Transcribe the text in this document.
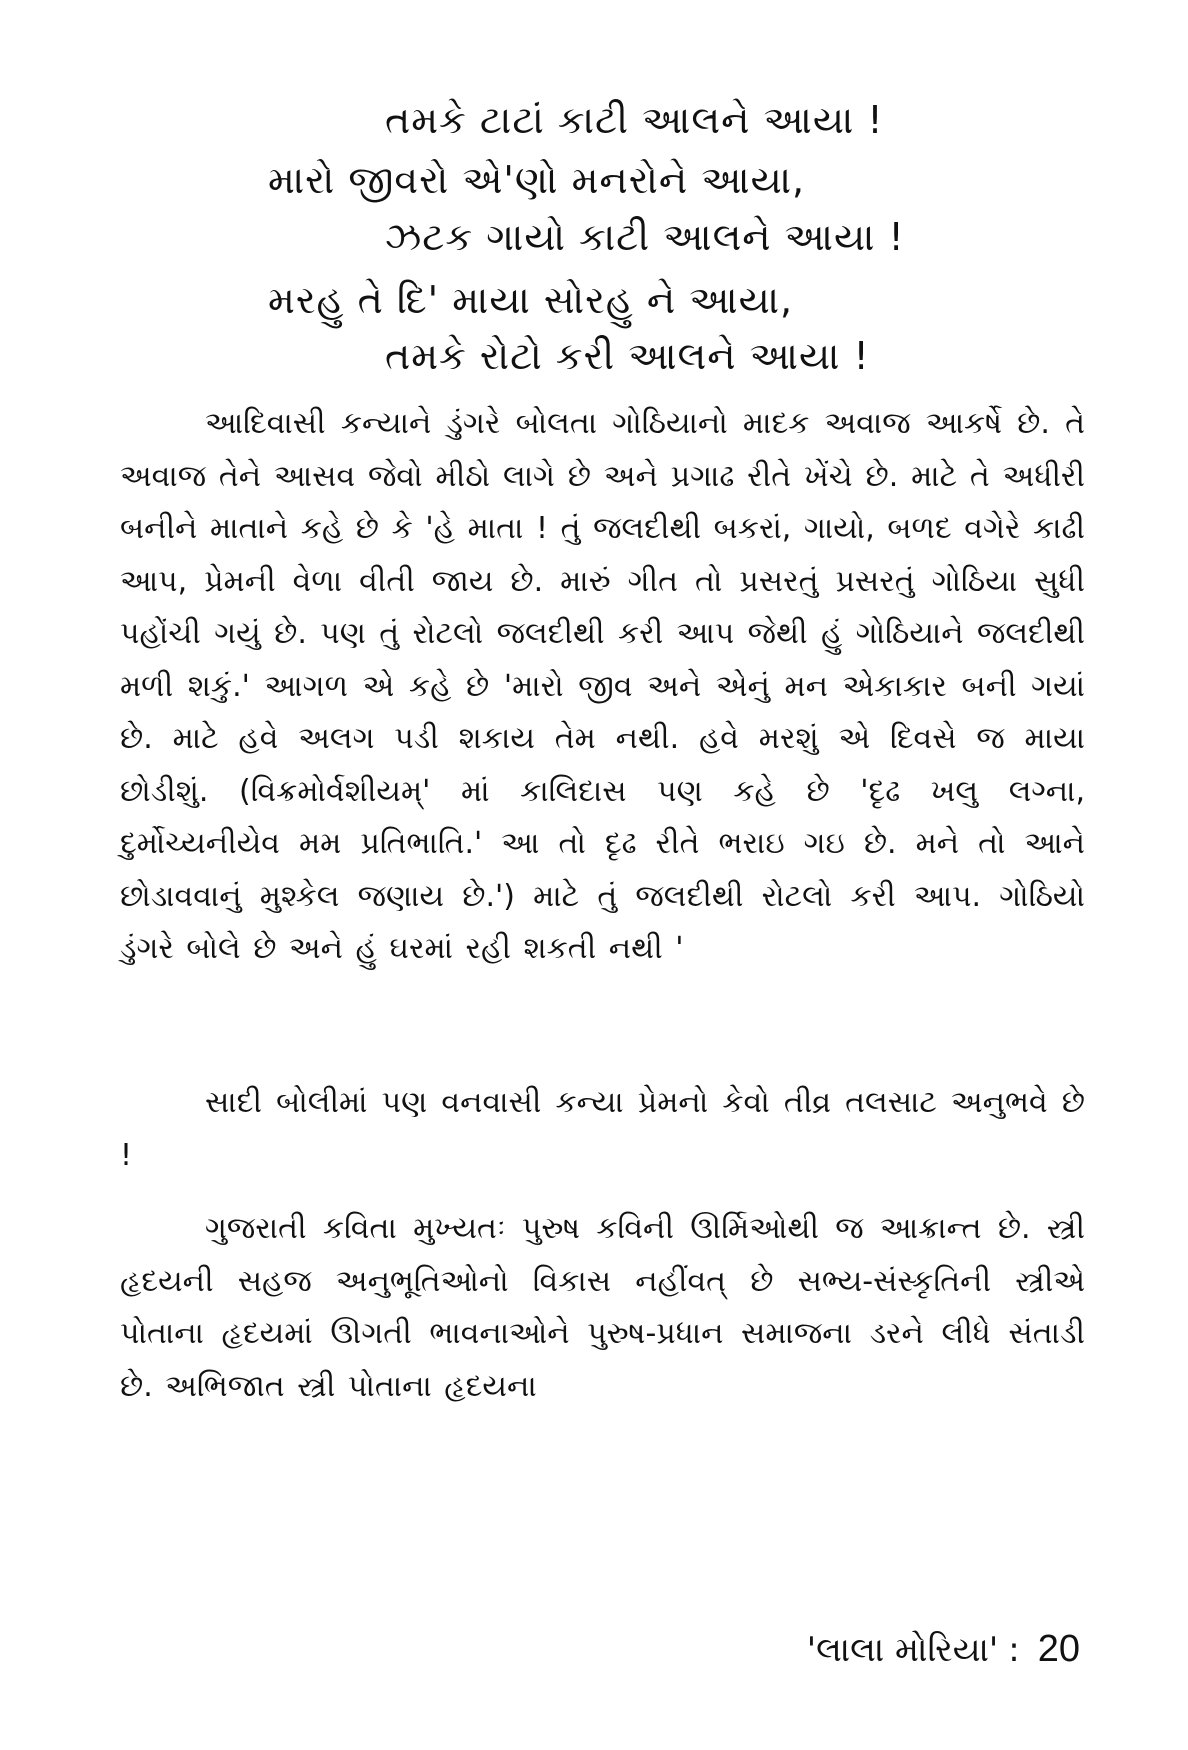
તમકે ટાટાં કાટી આલને આયા !
મારો જીવરો એ'ણો મનરોને આયા,
ઝટક ગાયો કાટી આલને આયા !
મરહુ તે દિ' માયા સોરહુ ને આયા,
તમકે રોટો કરી આલને આયા !

આદિવાસી કન્યાને ડુંગરે બોલતા ગોઠિયાનો માદક અવાજ આકર્ષે છે. તે અવાજ તેને આસવ જેવો મીઠો લાગે છે અને પ્રગાઢ રીતે ખેંચે છે. માટે તે અધીરી બનીને માતાને કહે છે કે 'હે માતા ! તું જલદીથી બકરાં, ગાયો, બળદ વગેરે કાઢી આપ, પ્રેમની વેળા વીતી જાય છે. મારું ગીત તો પ્રસરતું પ્રસરતું ગોઠિયા સુધી પહોંચી ગયું છે. પણ તું રોટલો જલદીથી કરી આપ જેથી હું ગોઠિયાને જલદીથી મળી શકું.' આગળ એ કહે છે 'મારો જીવ અને એનું મન એકાકાર બની ગયાં છે. માટે હવે અલગ પડી શકાય તેમ નથી. હવે મરશું એ દિવસે જ માયા છોડીશું. (વિક્રમોર્વશીયમ્' માં કાલિદાસ પણ કહે છે 'દૃઢ ખલુ લગ્ના, દુર્મોચ્યનીયેવ મમ પ્રતિભાતિ.' આ તો દૃઢ રીતે ભરાઇ ગઇ છે. મને તો આને છોડાવવાનું મુશ્કેલ જણાય છે.') માટે તું જલદીથી રોટલો કરી આપ. ગોઠિયો ડુંગરે બોલે છે અને હું ઘરમાં રહી શકતી નથી '

સાદી બોલીમાં પણ વનવાસી કન્યા પ્રેમનો કેવો તીવ્ર તલસાટ અનુભવે છે !

ગુજરાતી કવિતા મુખ્યતઃ પુરુષ કવિની ઊર્મિઓથી જ આક્રાન્ત છે. સ્ત્રી હૃદયની સહજ અનુભૂતિઓનો વિકાસ નહીંવત્ છે સભ્ય-સંસ્કૃતિની સ્ત્રીએ પોતાના હૃદયમાં ઊગતી ભાવનાઓને પુરુષ-પ્રધાન સમાજના ડરને લીધે સંતાડી છે. અભિજાત સ્ત્રી પોતાના હૃદયના

'લાલા મોરિયા' : 20
